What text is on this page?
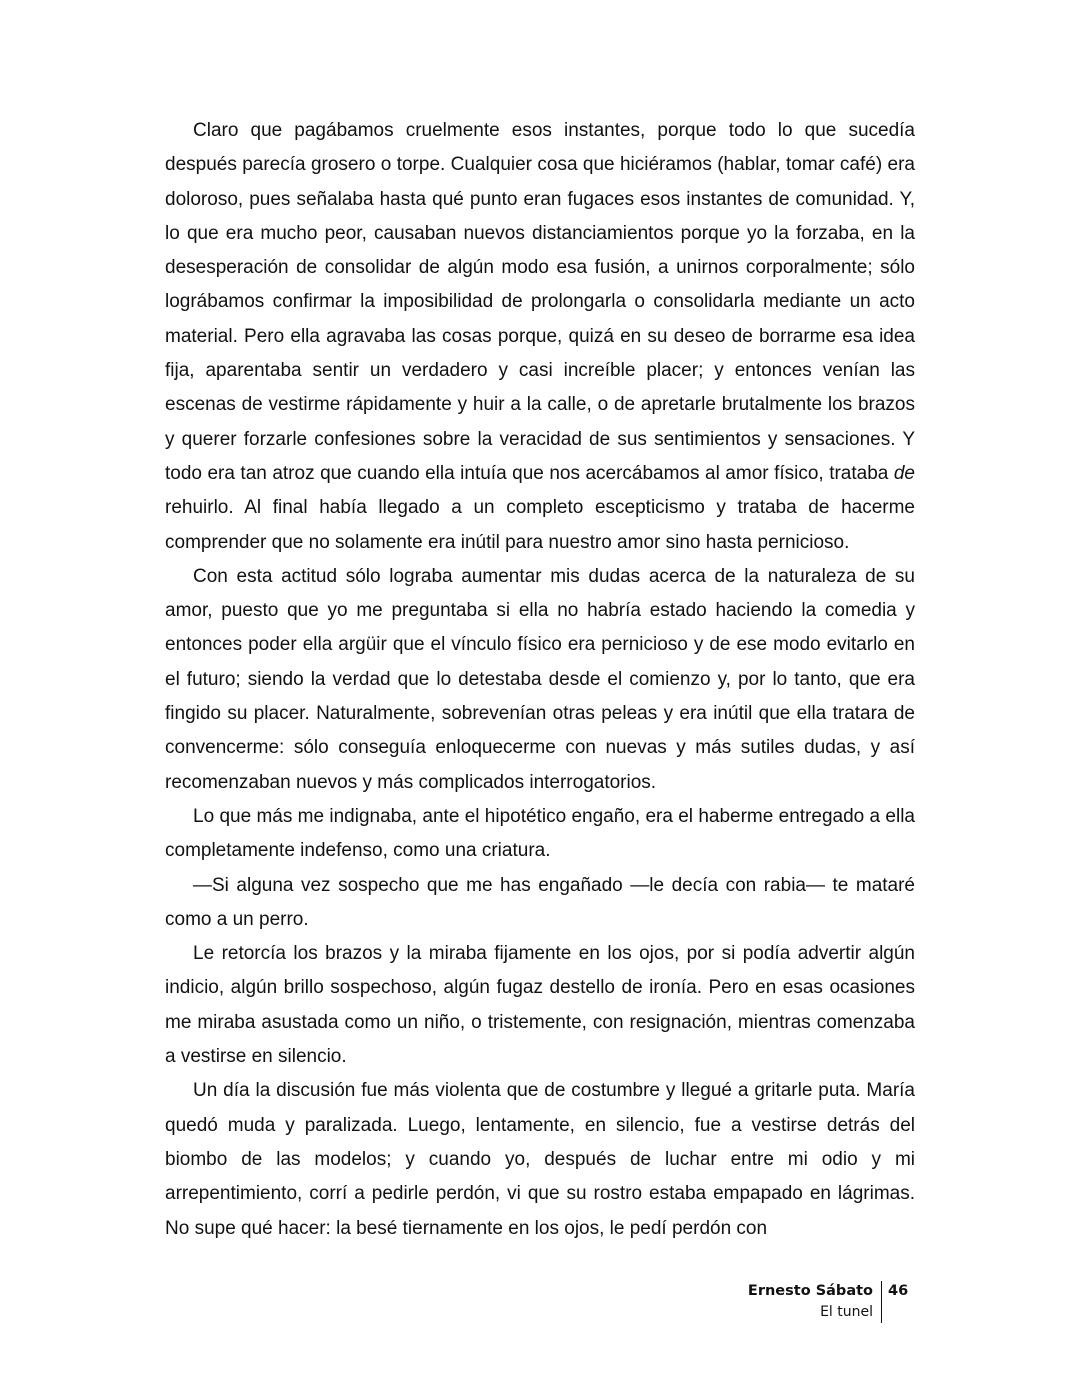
Claro que pagábamos cruelmente esos instantes, porque todo lo que sucedía después parecía grosero o torpe. Cualquier cosa que hiciéramos (hablar, tomar café) era doloroso, pues señalaba hasta qué punto eran fugaces esos instantes de comunidad. Y, lo que era mucho peor, causaban nuevos distanciamientos porque yo la forzaba, en la desesperación de consolidar de algún modo esa fusión, a unirnos corporalmente; sólo lográbamos confirmar la imposibilidad de prolongarla o consolidarla mediante un acto material. Pero ella agravaba las cosas porque, quizá en su deseo de borrarme esa idea fija, aparentaba sentir un verdadero y casi increíble placer; y entonces venían las escenas de vestirme rápidamente y huir a la calle, o de apretarle brutalmente los brazos y querer forzarle confesiones sobre la veracidad de sus sentimientos y sensaciones. Y todo era tan atroz que cuando ella intuía que nos acercábamos al amor físico, trataba de rehuirlo. Al final había llegado a un completo escepticismo y trataba de hacerme comprender que no solamente era inútil para nuestro amor sino hasta pernicioso.

Con esta actitud sólo lograba aumentar mis dudas acerca de la naturaleza de su amor, puesto que yo me preguntaba si ella no habría estado haciendo la comedia y entonces poder ella argüir que el vínculo físico era pernicioso y de ese modo evitarlo en el futuro; siendo la verdad que lo detestaba desde el comienzo y, por lo tanto, que era fingido su placer. Naturalmente, sobrevenían otras peleas y era inútil que ella tratara de convencerme: sólo conseguía enloquecerme con nuevas y más sutiles dudas, y así recomenzaban nuevos y más complicados interrogatorios.

Lo que más me indignaba, ante el hipotético engaño, era el haberme entregado a ella completamente indefenso, como una criatura.

—Si alguna vez sospecho que me has engañado —le decía con rabia— te mataré como a un perro.

Le retorcía los brazos y la miraba fijamente en los ojos, por si podía advertir algún indicio, algún brillo sospechoso, algún fugaz destello de ironía. Pero en esas ocasiones me miraba asustada como un niño, o tristemente, con resignación, mientras comenzaba a vestirse en silencio.

Un día la discusión fue más violenta que de costumbre y llegué a gritarle puta. María quedó muda y paralizada. Luego, lentamente, en silencio, fue a vestirse detrás del biombo de las modelos; y cuando yo, después de luchar entre mi odio y mi arrepentimiento, corrí a pedirle perdón, vi que su rostro estaba empapado en lágrimas. No supe qué hacer: la besé tiernamente en los ojos, le pedí perdón con

Ernesto Sábato
El tunel
46
